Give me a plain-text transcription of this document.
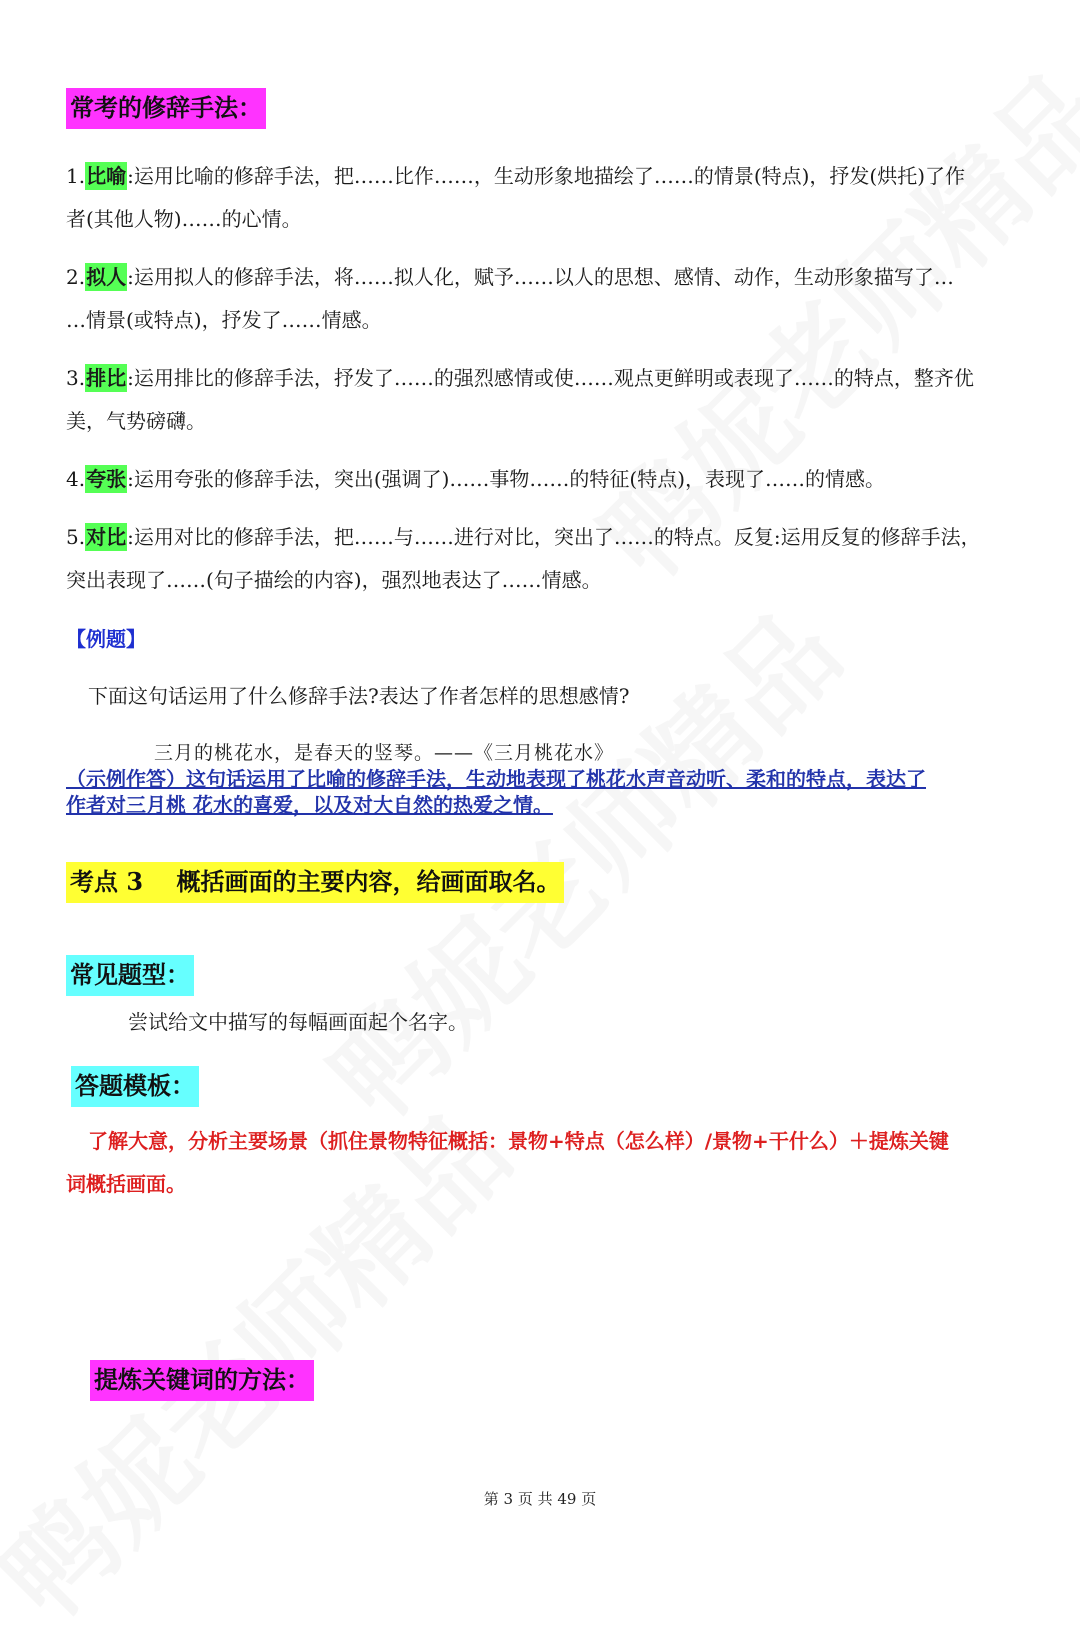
常考的修辞手法：
1.比喻:运用比喻的修辞手法，把……比作……，生动形象地描绘了……的情景(特点)，抒发(烘托)了作
者(其他人物)……的心情。
2.拟人:运用拟人的修辞手法，将……拟人化，赋予……以人的思想、感情、动作，生动形象描写了…
…情景(或特点)，抒发了……情感。
3.排比:运用排比的修辞手法，抒发了……的强烈感情或使……观点更鲜明或表现了……的特点，整齐优
美，气势磅礴。
4.夸张:运用夸张的修辞手法，突出(强调了)……事物……的特征(特点)，表现了……的情感。
5.对比:运用对比的修辞手法，把……与……进行对比，突出了……的特点。反复:运用反复的修辞手法，
突出表现了……(句子描绘的内容)，强烈地表达了……情感。
【例题】
下面这句话运用了什么修辞手法?表达了作者怎样的思想感情?
三月的桃花水，是春天的竖琴。——《三月桃花水》
（示例作答）这句话运用了比喻的修辞手法，生动地表现了桃花水声音动听、柔和的特点，表达了
作者对三月桃 花水的喜爱，以及对大自然的热爱之情。
考点 3    概括画面的主要内容，给画面取名。
常见题型：
尝试给文中描写的每幅画面起个名字。
答题模板：
了解大意，分析主要场景（抓住景物特征概括：景物+特点（怎么样）/景物+干什么）＋提炼关键
词概括画面。
提炼关键词的方法：
第 3 页 共 49 页
